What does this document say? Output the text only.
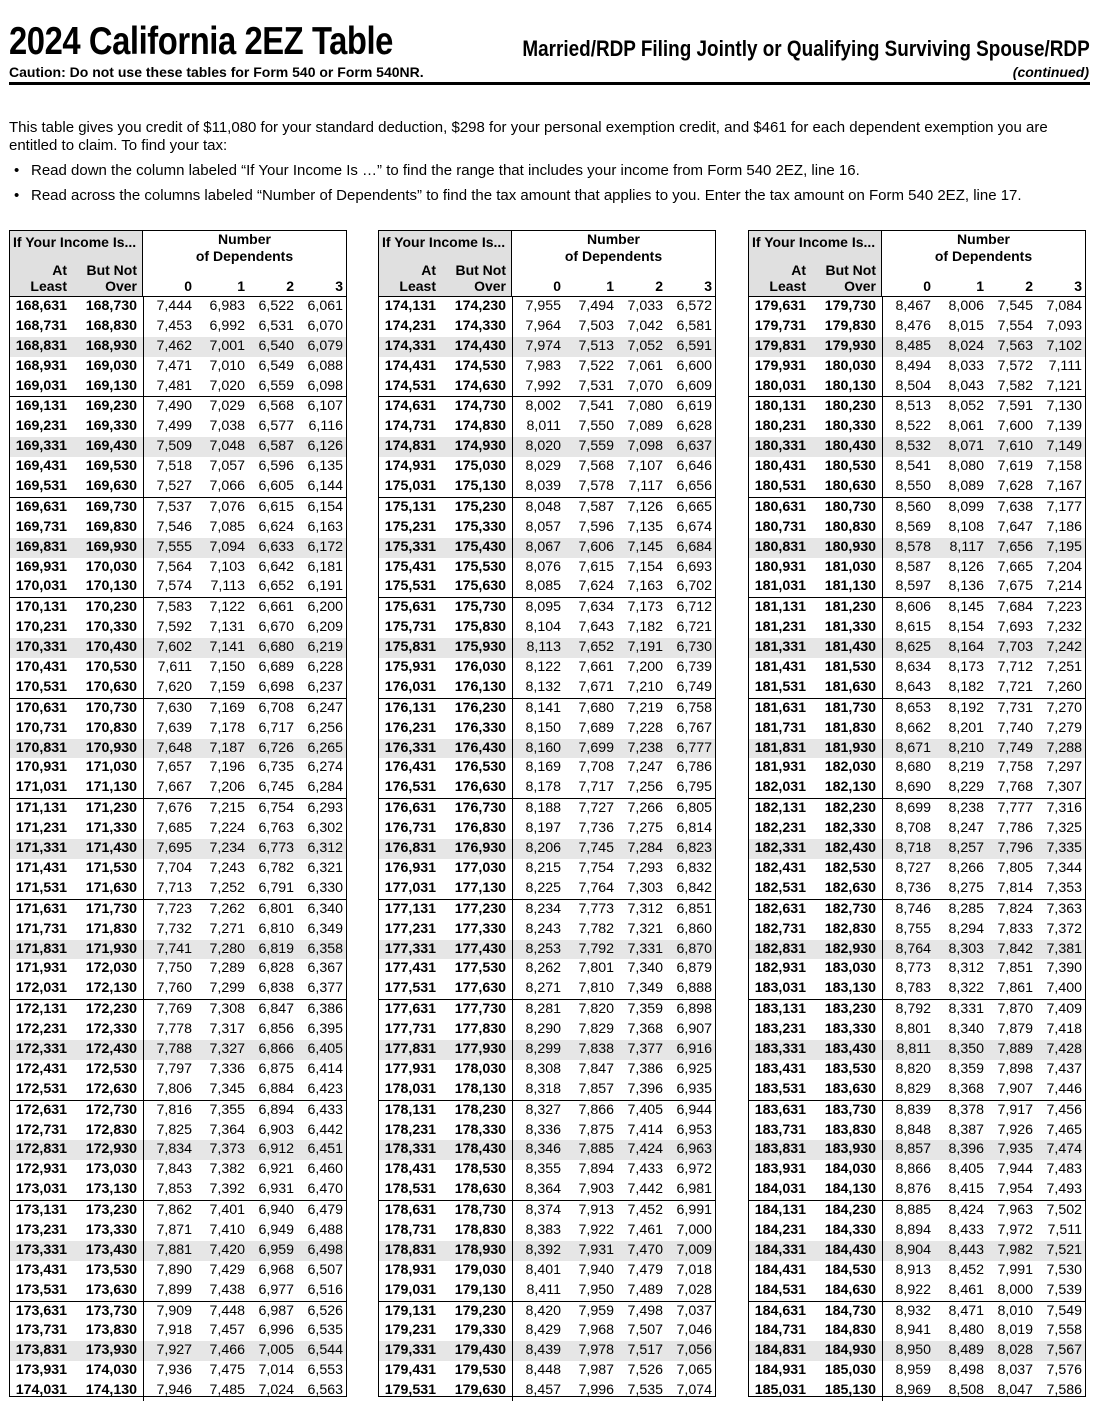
2024 California 2EZ Table	Married/RDP Filing Jointly or Qualifying Surviving Spouse/RDP
Caution: Do not use these tables for Form 540 or Form 540NR.	(continued)
This table gives you credit of $11,080 for your standard deduction, $298 for your personal exemption credit, and $461 for each dependent exemption you are entitled to claim. To find your tax:
• Read down the column labeled “If Your Income Is …” to find the range that includes your income from Form 540 2EZ, line 16.
• Read across the columns labeled “Number of Dependents” to find the tax amount that applies to you. Enter the tax amount on Form 540 2EZ, line 17.
If Your Income Is...
At
Least
But Not
Over
Number
of Dependents
0	1	2	3
168,631	168,730	7,444	6,983 6,522 6,061
168,731	168,830	7,453	6,992 6,531 6,070
168,831	168,930	7,462	7,001 6,540 6,079
168,931	169,030	7,471	7,010 6,549 6,088
169,031	169,130	7,481	7,020 6,559 6,098
169,131	169,230	7,490	7,029 6,568 6,107
169,231	169,330	7,499	7,038 6,577	6,116
169,331	169,430	7,509	7,048 6,587 6,126
169,431	169,530	7,518	7,057 6,596 6,135
169,531	169,630	7,527	7,066 6,605 6,144
169,631	169,730	7,537	7,076 6,615 6,154
169,731	169,830	7,546	7,085 6,624 6,163
169,831	169,930	7,555	7,094 6,633 6,172
169,931	170,030	7,564	7,103 6,642 6,181
170,031	170,130	7,574	7,113 6,652 6,191
170,131	170,230	7,583	7,122 6,661 6,200
170,231	170,330	7,592	7,131 6,670 6,209
170,331	170,430	7,602	7,141 6,680 6,219
170,431	170,530	7,611	7,150 6,689 6,228
170,531	170,630	7,620	7,159 6,698 6,237
170,631	170,730	7,630	7,169 6,708 6,247
170,731	170,830	7,639	7,178 6,717 6,256
170,831	170,930	7,648	7,187 6,726 6,265
170,931	171,030	7,657	7,196 6,735 6,274
171,031	171,130	7,667	7,206 6,745 6,284
171,131	171,230	7,676	7,215 6,754 6,293
171,231	171,330	7,685	7,224 6,763 6,302
171,331	171,430	7,695	7,234 6,773 6,312
171,431	171,530	7,704	7,243 6,782 6,321
171,531	171,630	7,713	7,252 6,791 6,330
171,631	171,730	7,723	7,262 6,801 6,340
171,731	171,830	7,732	7,271 6,810 6,349
171,831	171,930	7,741	7,280 6,819 6,358
171,931	172,030	7,750	7,289 6,828 6,367
172,031	172,130	7,760	7,299 6,838 6,377
172,131	172,230	7,769	7,308 6,847 6,386
172,231	172,330	7,778	7,317 6,856 6,395
172,331	172,430	7,788	7,327 6,866 6,405
172,431	172,530	7,797	7,336 6,875 6,414
172,531	172,630	7,806	7,345 6,884 6,423
172,631	172,730	7,816	7,355 6,894 6,433
172,731	172,830	7,825	7,364 6,903 6,442
172,831	172,930	7,834	7,373 6,912 6,451
172,931	173,030	7,843	7,382 6,921 6,460
173,031	173,130	7,853	7,392 6,931 6,470
173,131	173,230	7,862	7,401 6,940 6,479
173,231	173,330	7,871	7,410 6,949 6,488
173,331	173,430	7,881	7,420 6,959 6,498
173,431	173,530	7,890	7,429 6,968 6,507
173,531	173,630	7,899	7,438 6,977 6,516
173,631	173,730	7,909	7,448 6,987 6,526
173,731	173,830	7,918	7,457 6,996 6,535
173,831	173,930	7,927	7,466 7,005 6,544
173,931	174,030	7,936	7,475 7,014 6,553
174,031	174,130	7,946	7,485 7,024 6,563
If Your Income Is...
At
Least
But Not
Over
Number
of Dependents
0	1	2	3
174,131	174,230	7,955	7,494 7,033 6,572
174,231	174,330	7,964	7,503 7,042 6,581
174,331	174,430	7,974	7,513 7,052 6,591
174,431	174,530	7,983	7,522 7,061 6,600
174,531	174,630	7,992	7,531 7,070 6,609
174,631	174,730	8,002	7,541 7,080 6,619
174,731	174,830	8,011	7,550 7,089 6,628
174,831	174,930	8,020	7,559 7,098 6,637
174,931	175,030	8,029	7,568 7,107 6,646
175,031	175,130	8,039	7,578	7,117 6,656
175,131	175,230	8,048	7,587 7,126 6,665
175,231	175,330	8,057	7,596 7,135 6,674
175,331	175,430	8,067	7,606 7,145 6,684
175,431	175,530	8,076	7,615 7,154 6,693
175,531	175,630	8,085	7,624 7,163 6,702
175,631	175,730	8,095	7,634 7,173 6,712
175,731	175,830	8,104	7,643 7,182 6,721
175,831	175,930	8,113	7,652 7,191 6,730
175,931	176,030	8,122	7,661 7,200 6,739
176,031	176,130	8,132	7,671 7,210 6,749
176,131	176,230	8,141	7,680 7,219 6,758
176,231	176,330	8,150	7,689 7,228 6,767
176,331	176,430	8,160	7,699 7,238 6,777
176,431	176,530	8,169	7,708 7,247 6,786
176,531	176,630	8,178	7,717 7,256 6,795
176,631	176,730	8,188	7,727 7,266 6,805
176,731	176,830	8,197	7,736 7,275 6,814
176,831	176,930	8,206	7,745 7,284 6,823
176,931	177,030	8,215	7,754 7,293 6,832
177,031	177,130	8,225	7,764 7,303 6,842
177,131	177,230	8,234	7,773 7,312 6,851
177,231	177,330	8,243	7,782 7,321 6,860
177,331	177,430	8,253	7,792 7,331 6,870
177,431	177,530	8,262	7,801 7,340 6,879
177,531	177,630	8,271	7,810 7,349 6,888
177,631	177,730	8,281	7,820 7,359 6,898
177,731	177,830	8,290	7,829 7,368 6,907
177,831	177,930	8,299	7,838 7,377 6,916
177,931	178,030	8,308	7,847 7,386 6,925
178,031	178,130	8,318	7,857 7,396 6,935
178,131	178,230	8,327	7,866 7,405 6,944
178,231	178,330	8,336	7,875 7,414 6,953
178,331	178,430	8,346	7,885 7,424 6,963
178,431	178,530	8,355	7,894 7,433 6,972
178,531	178,630	8,364	7,903 7,442 6,981
178,631	178,730	8,374	7,913 7,452 6,991
178,731	178,830	8,383	7,922 7,461 7,000
178,831	178,930	8,392	7,931 7,470 7,009
178,931	179,030	8,401	7,940 7,479 7,018
179,031	179,130	8,411	7,950 7,489 7,028
179,131	179,230	8,420	7,959 7,498 7,037
179,231	179,330	8,429	7,968 7,507 7,046
179,331	179,430	8,439	7,978 7,517 7,056
179,431	179,530	8,448	7,987 7,526 7,065
179,531	179,630	8,457	7,996 7,535 7,074
If Your Income Is...
At
Least
But Not
Over
Number
of Dependents
0	1	2	3
179,631	179,730	8,467	8,006 7,545 7,084
179,731	179,830	8,476	8,015 7,554 7,093
179,831	179,930	8,485	8,024 7,563 7,102
179,931	180,030	8,494	8,033 7,572	7,111
180,031	180,130	8,504	8,043 7,582 7,121
180,131	180,230	8,513	8,052 7,591 7,130
180,231	180,330	8,522	8,061 7,600 7,139
180,331	180,430	8,532	8,071 7,610 7,149
180,431	180,530	8,541	8,080 7,619 7,158
180,531	180,630	8,550	8,089 7,628 7,167
180,631	180,730	8,560	8,099 7,638 7,177
180,731	180,830	8,569	8,108 7,647 7,186
180,831	180,930	8,578	8,117 7,656 7,195
180,931	181,030	8,587	8,126 7,665 7,204
181,031	181,130	8,597	8,136 7,675 7,214
181,131	181,230	8,606	8,145 7,684 7,223
181,231	181,330	8,615	8,154 7,693 7,232
181,331	181,430	8,625	8,164 7,703 7,242
181,431	181,530	8,634	8,173 7,712 7,251
181,531	181,630	8,643	8,182 7,721 7,260
181,631	181,730	8,653	8,192 7,731 7,270
181,731	181,830	8,662	8,201 7,740 7,279
181,831	181,930	8,671	8,210 7,749 7,288
181,931	182,030	8,680	8,219 7,758 7,297
182,031	182,130	8,690	8,229 7,768 7,307
182,131	182,230	8,699	8,238 7,777 7,316
182,231	182,330	8,708	8,247 7,786 7,325
182,331	182,430	8,718	8,257 7,796 7,335
182,431	182,530	8,727	8,266 7,805 7,344
182,531	182,630	8,736	8,275 7,814 7,353
182,631	182,730	8,746	8,285 7,824 7,363
182,731	182,830	8,755	8,294 7,833 7,372
182,831	182,930	8,764	8,303 7,842 7,381
182,931	183,030	8,773	8,312 7,851 7,390
183,031	183,130	8,783	8,322 7,861 7,400
183,131	183,230	8,792	8,331 7,870 7,409
183,231	183,330	8,801	8,340 7,879 7,418
183,331	183,430	8,811	8,350 7,889 7,428
183,431	183,530	8,820	8,359 7,898 7,437
183,531	183,630	8,829	8,368 7,907 7,446
183,631	183,730	8,839	8,378 7,917 7,456
183,731	183,830	8,848	8,387 7,926 7,465
183,831	183,930	8,857	8,396 7,935 7,474
183,931	184,030	8,866	8,405 7,944 7,483
184,031	184,130	8,876	8,415 7,954 7,493
184,131	184,230	8,885	8,424 7,963 7,502
184,231	184,330	8,894	8,433 7,972	7,511
184,331	184,430	8,904	8,443 7,982 7,521
184,431	184,530	8,913	8,452 7,991 7,530
184,531	184,630	8,922	8,461 8,000 7,539
184,631	184,730	8,932	8,471 8,010 7,549
184,731	184,830	8,941	8,480 8,019 7,558
184,831	184,930	8,950	8,489 8,028 7,567
184,931	185,030	8,959	8,498 8,037 7,576
185,031	185,130	8,969	8,508 8,047 7,586
